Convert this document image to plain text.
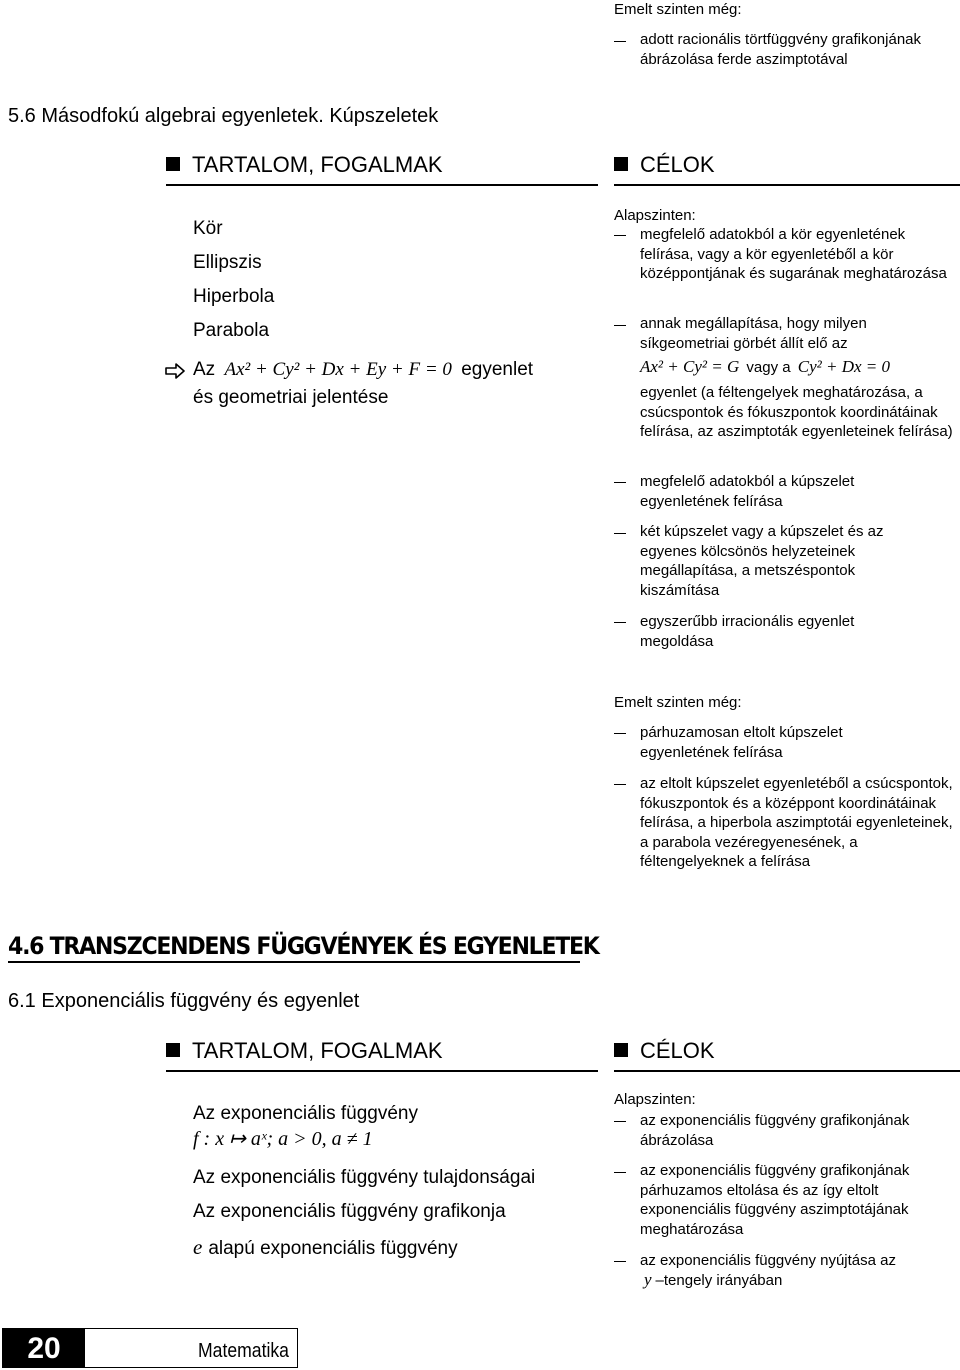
Emelt szinten még:
adott racionális törtfüggvény grafikonjának ábrázolása ferde aszimptotával
5.6 Másodfokú algebrai egyenletek. Kúpszeletek
TARTALOM, FOGALMAK	CÉLOK
Kör
Ellipszis
Hiperbola
Parabola
Az Ax² + Cy² + Dx + Ey + F = 0 egyenlet
és geometriai jelentése
Alapszinten:
megfelelő adatokból a kör egyenletének felírása, vagy a kör egyenletéből a kör középpontjának és sugarának meghatározása
annak megállapítása, hogy milyen síkgeometriai görbét állít elő az
Ax² + Cy² = G vagy a Cy² + Dx = 0
egyenlet (a féltengelyek meghatározása, a csúcspontok és fókuszpontok koordinátáinak felírása, az aszimptoták egyenleteinek felírása)
megfelelő adatokból a kúpszelet egyenletének felírása
két kúpszelet vagy a kúpszelet és az egyenes kölcsönös helyzeteinek megállapítása, a metszéspontok kiszámítása
egyszerűbb irracionális egyenlet megoldása
Emelt szinten még:
párhuzamosan eltolt kúpszelet egyenletének felírása
az eltolt kúpszelet egyenletéből a csúcspontok, fókuszpontok és a középpont koordinátáinak felírása, a hiperbola aszimptotái egyenleteinek, a parabola vezéregyenesének, a féltengelyeknek a felírása
4.6 TRANSZCENDENS FÜGGVÉNYEK ÉS EGYENLETEK
6.1 Exponenciális függvény és egyenlet
TARTALOM, FOGALMAK	CÉLOK
Az exponenciális függvény
f : x ↦ aˣ; a > 0, a ≠ 1
Az exponenciális függvény tulajdonságai
Az exponenciális függvény grafikonja
e alapú exponenciális függvény
Alapszinten:
az exponenciális függvény grafikonjának ábrázolása
az exponenciális függvény grafikonjának párhuzamos eltolása és az így eltolt exponenciális függvény aszimptotájának meghatározása
az exponenciális függvény nyújtása az
y –tengely irányában
20	Matematika
